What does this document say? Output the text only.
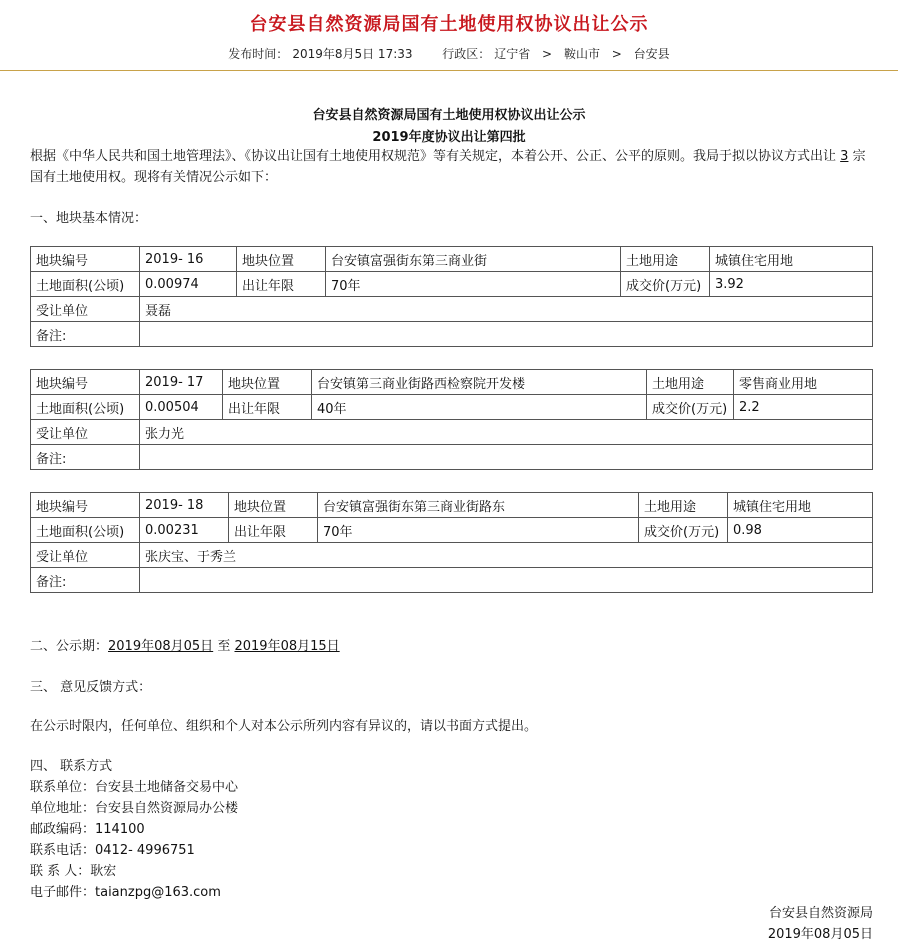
台安县自然资源局国有土地使用权协议出让公示
发布时间： 2019年8月5日 17:33 行政区： 辽宁省 > 鞍山市 > 台安县
台安县自然资源局国有土地使用权协议出让公示
2019年度协议出让第四批
根据《中华人民共和国土地管理法》、《协议出让国有土地使用权规范》等有关规定，本着公开、公正、公平的原则。我局于拟以协议方式出让 3 宗国有土地使用权。现将有关情况公示如下：
一、地块基本情况：
地块编号	2019- 16	地块位置	台安镇富强街东第三商业街	土地用途	城镇住宅用地
土地面积(公顷)	0.00974	出让年限	70年	成交价(万元)	3.92
受让单位	聂磊				
备注:					
地块编号	2019- 17	地块位置	台安镇第三商业街路西检察院开发楼	土地用途	零售商业用地
土地面积(公顷)	0.00504	出让年限	40年	成交价(万元)	2.2
受让单位	张力光				
备注:					
地块编号	2019- 18	地块位置	台安镇富强街东第三商业街路东	土地用途	城镇住宅用地
土地面积(公顷)	0.00231	出让年限	70年	成交价(万元)	0.98
受让单位	张庆宝、于秀兰				
备注:					
二、公示期：2019年08月05日 至 2019年08月15日
三、 意见反馈方式：
在公示时限内，任何单位、组织和个人对本公示所列内容有异议的，请以书面方式提出。
四、 联系方式
联系单位：台安县土地储备交易中心
单位地址：台安县自然资源局办公楼
邮政编码：114100
联系电话：0412- 4996751
联 系 人：耿宏
电子邮件：taianzpg@163.com
台安县自然资源局
2019年08月05日
